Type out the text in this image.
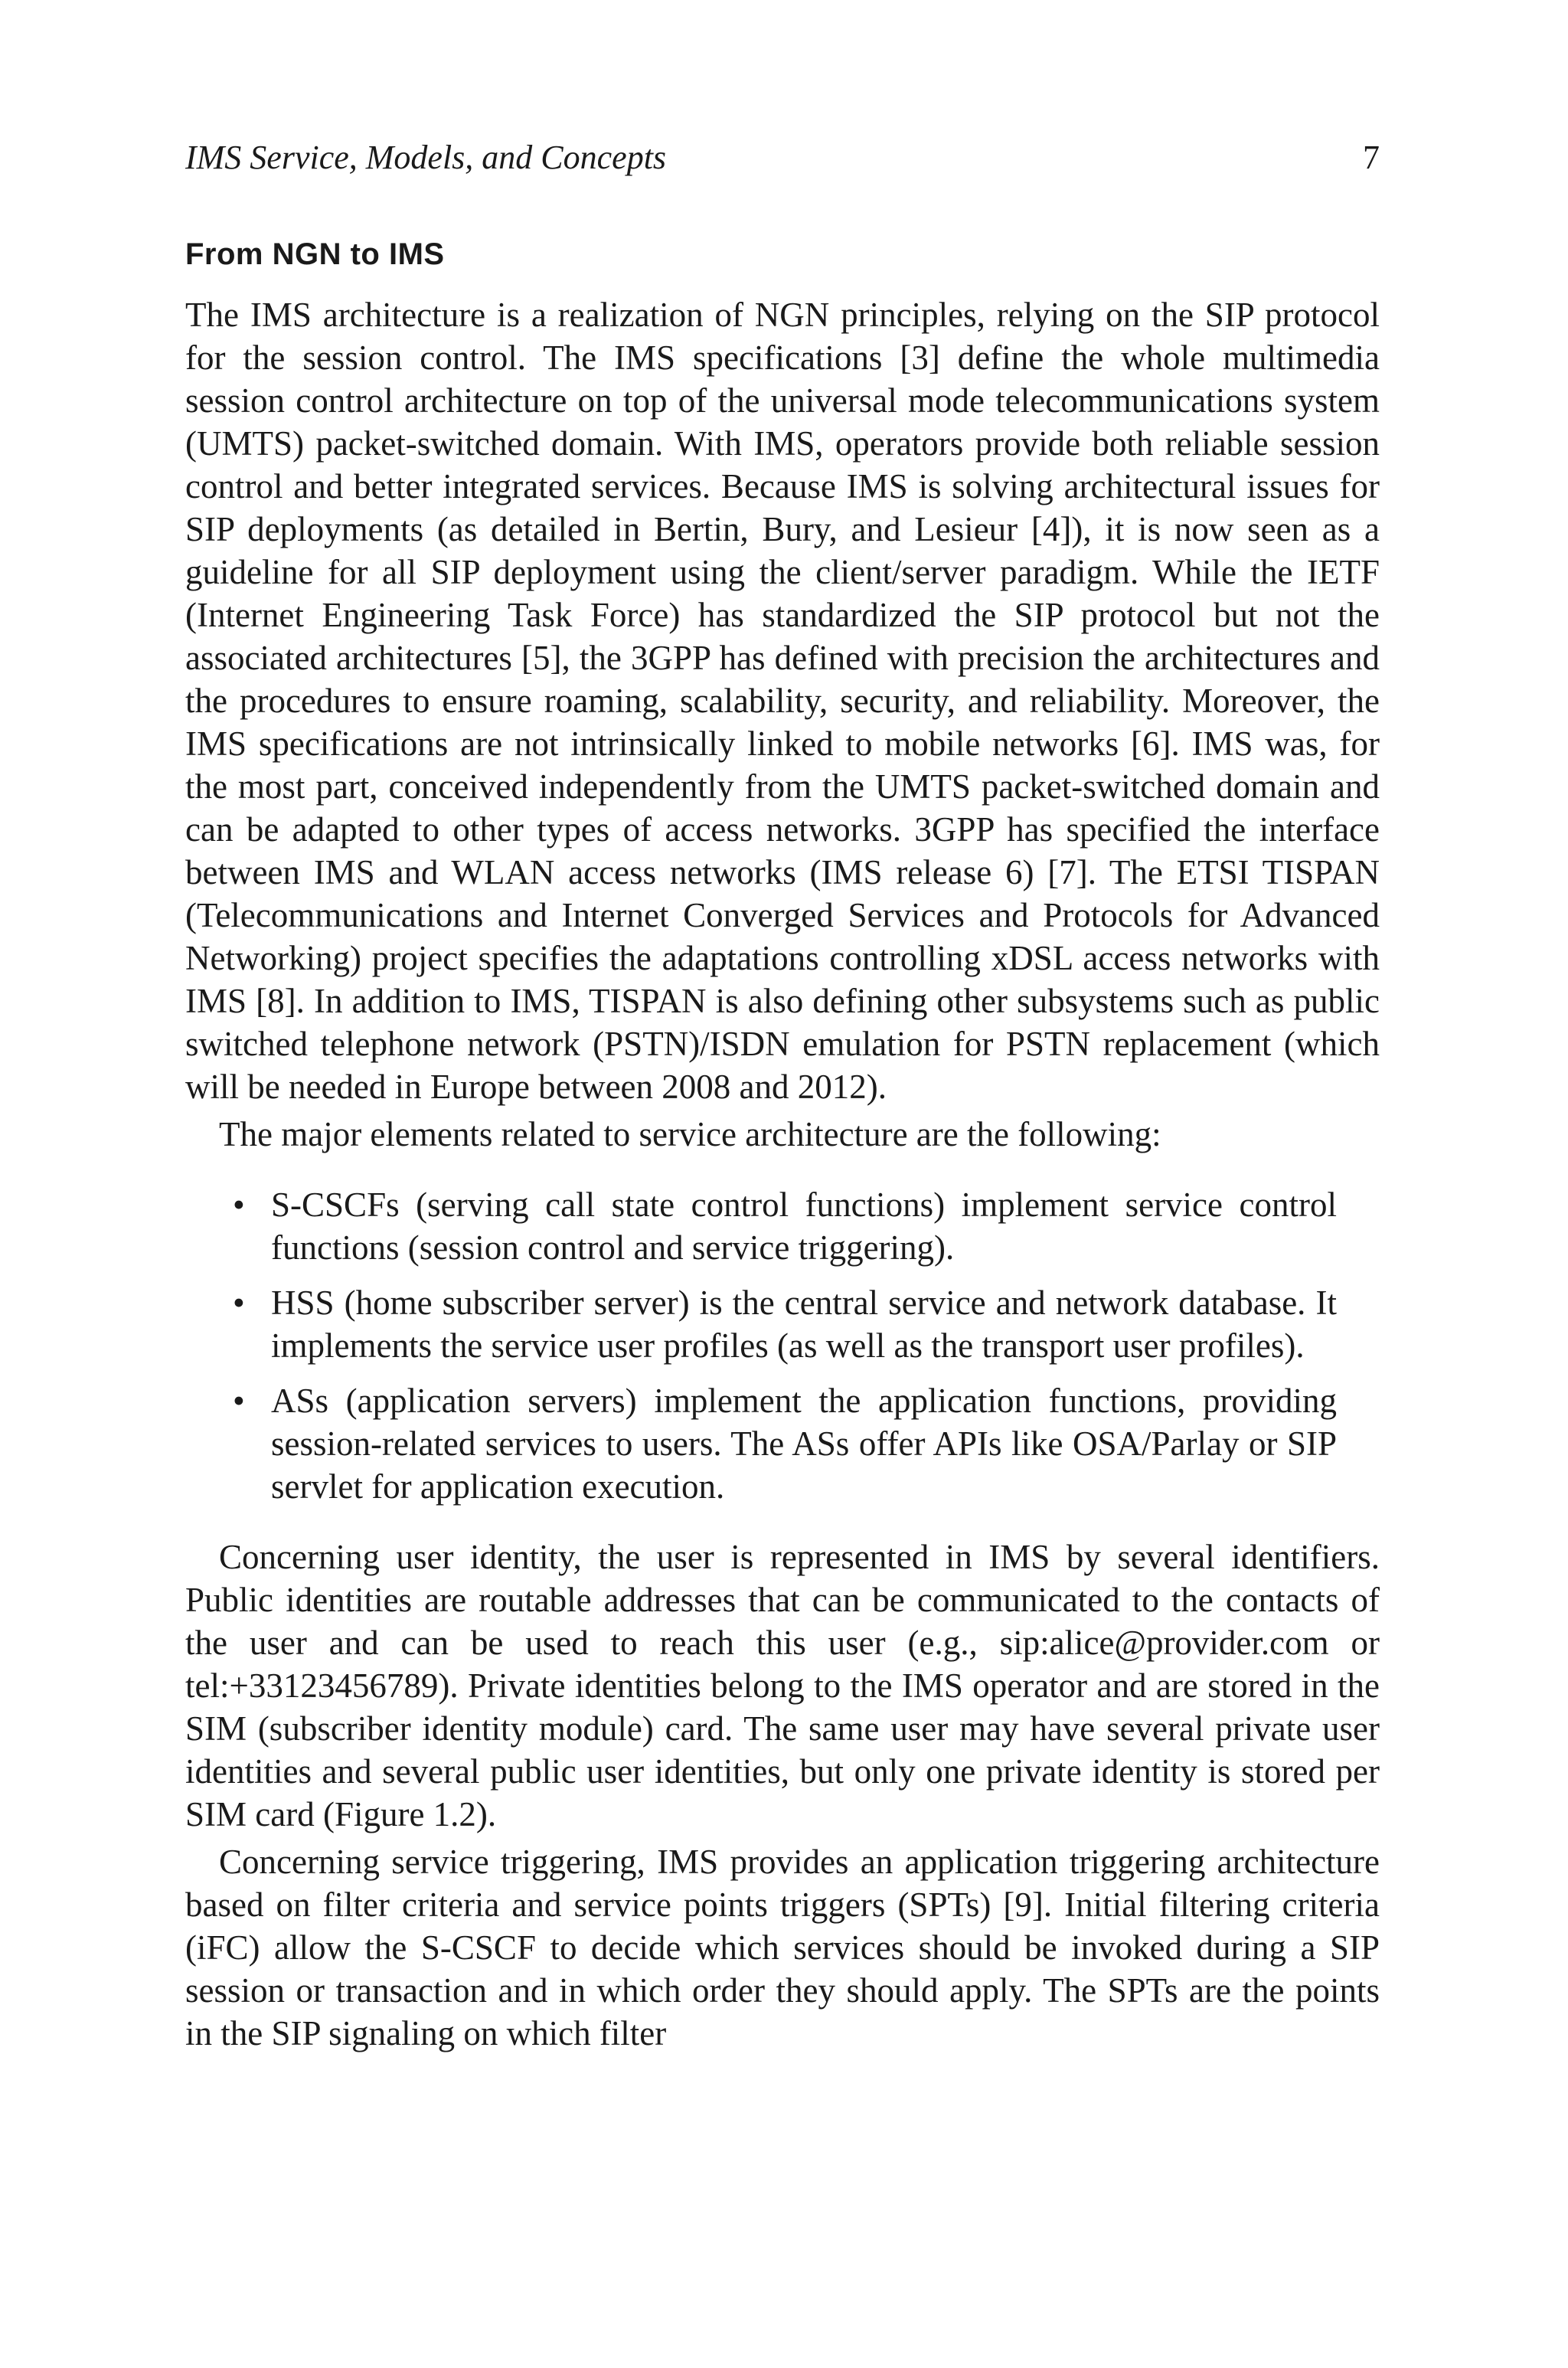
IMS Service, Models, and Concepts	7
From NGN to IMS

The IMS architecture is a realization of NGN principles, relying on the SIP protocol for the session control. The IMS specifications [3] define the whole multimedia session control architecture on top of the universal mode telecommunications system (UMTS) packet-switched domain. With IMS, operators provide both reliable session control and better integrated services. Because IMS is solving architectural issues for SIP deployments (as detailed in Bertin, Bury, and Lesieur [4]), it is now seen as a guideline for all SIP deployment using the client/server paradigm. While the IETF (Internet Engineering Task Force) has standardized the SIP protocol but not the associated architectures [5], the 3GPP has defined with precision the architectures and the procedures to ensure roaming, scalability, security, and reliability. Moreover, the IMS specifications are not intrinsically linked to mobile networks [6]. IMS was, for the most part, conceived independently from the UMTS packet-switched domain and can be adapted to other types of access networks. 3GPP has specified the interface between IMS and WLAN access networks (IMS release 6) [7]. The ETSI TISPAN (Telecommunications and Internet Converged Services and Protocols for Advanced Networking) project specifies the adaptations controlling xDSL access networks with IMS [8]. In addition to IMS, TISPAN is also defining other subsystems such as public switched telephone network (PSTN)/ISDN emulation for PSTN replacement (which will be needed in Europe between 2008 and 2012).

The major elements related to service architecture are the following:

• S-CSCFs (serving call state control functions) implement service control functions (session control and service triggering).
• HSS (home subscriber server) is the central service and network database. It implements the service user profiles (as well as the transport user profiles).
• ASs (application servers) implement the application functions, providing session-related services to users. The ASs offer APIs like OSA/Parlay or SIP servlet for application execution.

Concerning user identity, the user is represented in IMS by several identifiers. Public identities are routable addresses that can be communicated to the contacts of the user and can be used to reach this user (e.g., sip:alice@provider.com or tel:+33123456789). Private identities belong to the IMS operator and are stored in the SIM (subscriber identity module) card. The same user may have several private user identities and several public user identities, but only one private identity is stored per SIM card (Figure 1.2).

Concerning service triggering, IMS provides an application triggering architecture based on filter criteria and service points triggers (SPTs) [9]. Initial filtering criteria (iFC) allow the S-CSCF to decide which services should be invoked during a SIP session or transaction and in which order they should apply. The SPTs are the points in the SIP signaling on which filter
